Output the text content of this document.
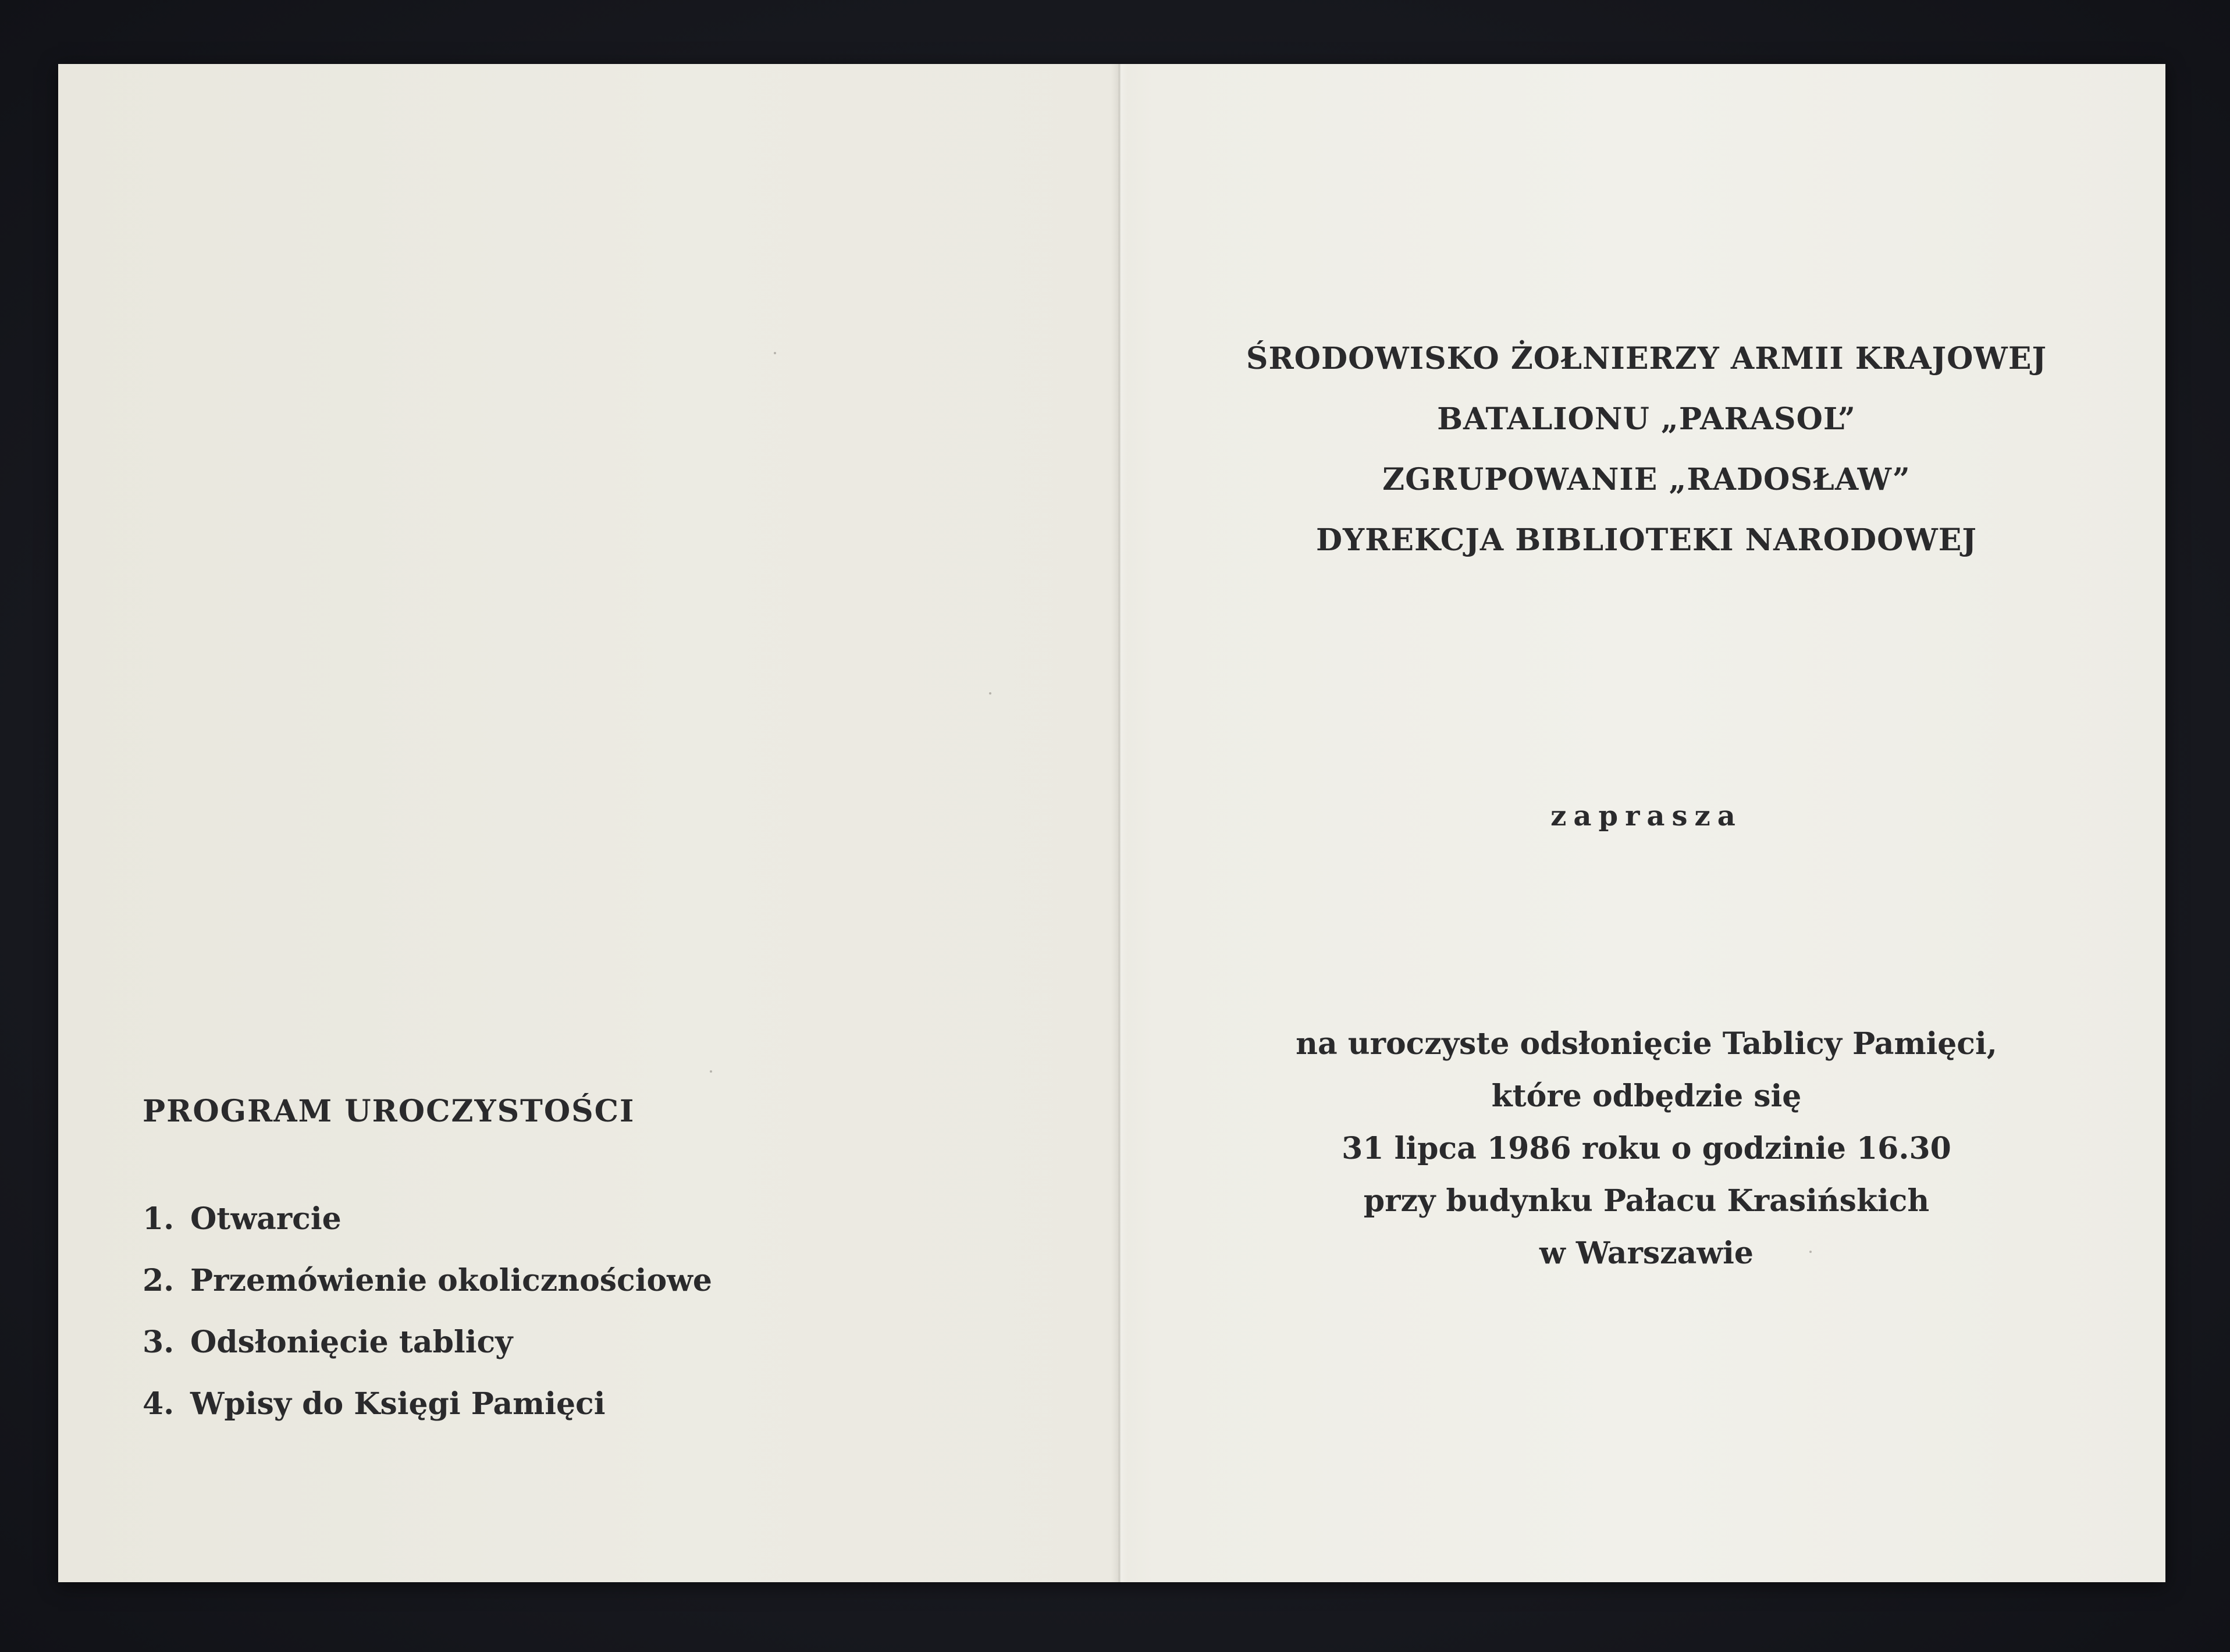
PROGRAM UROCZYSTOŚCI
1. Otwarcie
2. Przemówienie okolicznościowe
3. Odsłonięcie tablicy
4. Wpisy do Księgi Pamięci
ŚRODOWISKO ŻOŁNIERZY ARMII KRAJOWEJ
BATALIONU „PARASOL”
ZGRUPOWANIE „RADOSŁAW”
DYREKCJA BIBLIOTEKI NARODOWEJ
zaprasza
na uroczyste odsłonięcie Tablicy Pamięci,
które odbędzie się
31 lipca 1986 roku o godzinie 16.30
przy budynku Pałacu Krasińskich
w Warszawie
